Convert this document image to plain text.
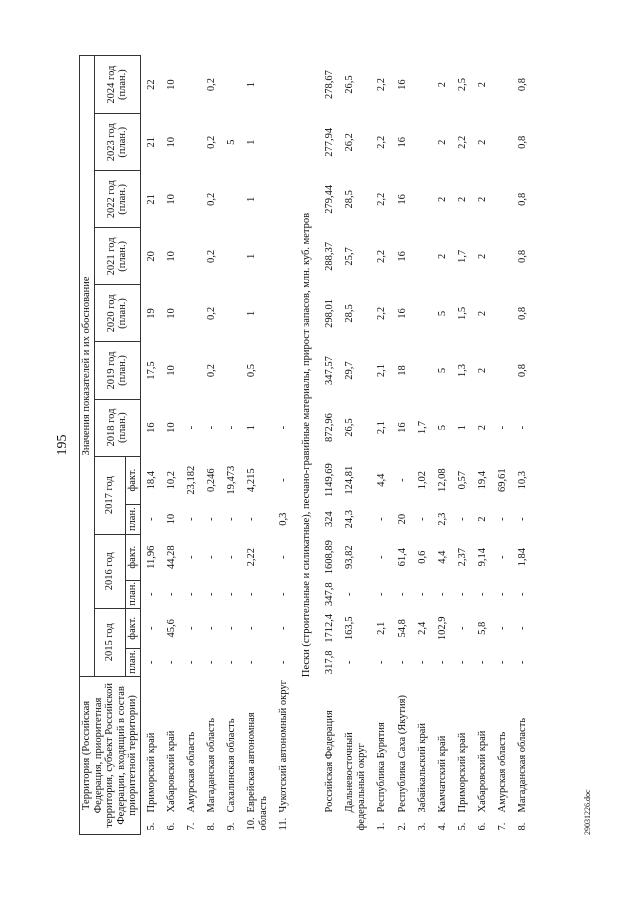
195
Территория (Российская Федерация, приоритетная территория, субъект Российской Федерации, входящий в состав приоритетной территории)	Значения показателей и их обоснование												
	2015 год		2016 год		2017 год		2018 год (план.)	2019 год (план.)	2020 год (план.)	2021 год (план.)	2022 год (план.)	2023 год (план.)	2024 год (план.)
	план.	факт.	план.	факт.	план.	факт.							
5.Приморский край	-	-	-	11,96	-	18,4	16	17,5	19	20	21	21	22
6.Хабаровский край	-	45,6	-	44,28	10	10,2	10	10	10	10	10	10	10
7.Амурская область	-	-	-	-	-	23,182	-						
8.Магаданская область	-	-	-	-	-	0,246	-	0,2	0,2	0,2	0,2	0,2	0,2
9.Сахалинская область	-	-	-	-	-	19,473	-					5	
10.Еврейская автономная область	-	-	-	2,22	-	4,215	1	0,5	1	1	1	1	1
11.Чукотский автономный округ	-	-	-	-	0,3	-	-						
Пески (строительные и силикатные), песчано-гравийные материалы, прирост запасов, млн. куб. метров													
Российская Федерация	317,8	1712,4	347,8	1608,89	324	1149,69	872,96	347,57	298,01	288,37	279,44	277,94	278,67
Дальневосточный федеральный округ	-	163,5	-	93,82	24,3	124,81	26,5	29,7	28,5	25,7	28,5	26,2	26,5
1.Республика Бурятия	-	2,1	-	-	-	4,4	2,1	2,1	2,2	2,2	2,2	2,2	2,2
2.Республика Саха (Якутия)	-	54,8	-	61,4	20	-	16	18	16	16	16	16	16
3.Забайкальский край	-	2,4	-	0,6	-	1,02	1,7						
4.Камчатский край	-	102,9	-	4,4	2,3	12,08	5	5	5	2	2	2	2
5.Приморский край	-	-	-	2,37	-	0,57	1	1,3	1,5	1,7	2	2,2	2,5
6.Хабаровский край	-	5,8	-	9,14	2	19,4	2	2	2	2	2	2	2
7.Амурская область	-	-	-	-	-	69,61	-						
8.Магаданская область	-	-	-	1,84	-	10,3	-	0,8	0,8	0,8	0,8	0,8	0,8
29031226.doc
